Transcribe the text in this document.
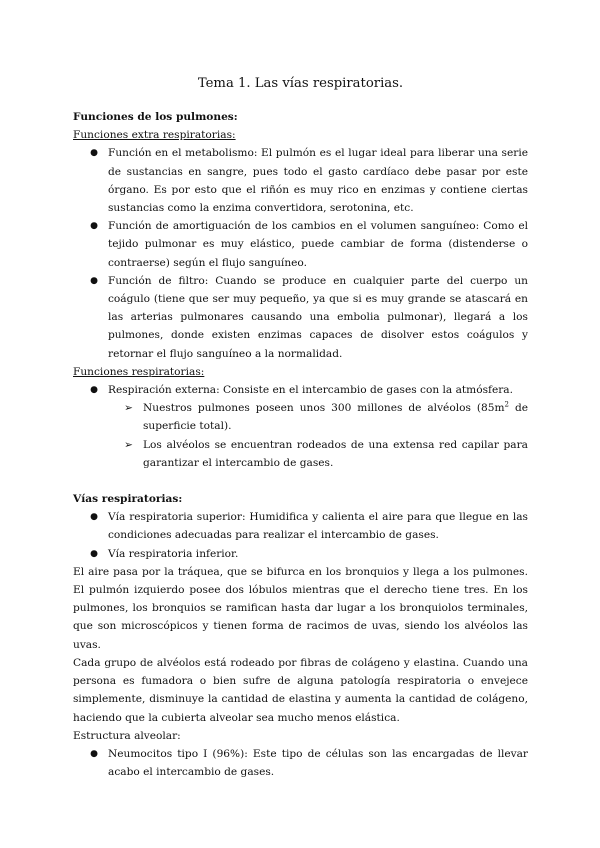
Tema 1. Las vías respiratorias.
Funciones de los pulmones:
Funciones extra respiratorias:
● Función en el metabolismo: El pulmón es el lugar ideal para liberar una serie de sustancias en sangre, pues todo el gasto cardíaco debe pasar por este órgano. Es por esto que el riñón es muy rico en enzimas y contiene ciertas sustancias como la enzima convertidora, serotonina, etc.
● Función de amortiguación de los cambios en el volumen sanguíneo: Como el tejido pulmonar es muy elástico, puede cambiar de forma (distenderse o contraerse) según el flujo sanguíneo.
● Función de filtro: Cuando se produce en cualquier parte del cuerpo un coágulo (tiene que ser muy pequeño, ya que si es muy grande se atascará en las arterias pulmonares causando una embolia pulmonar), llegará a los pulmones, donde existen enzimas capaces de disolver estos coágulos y retornar el flujo sanguíneo a la normalidad.
Funciones respiratorias:
● Respiración externa: Consiste en el intercambio de gases con la atmósfera.
➢ Nuestros pulmones poseen unos 300 millones de alvéolos ($85m^2$ de superficie total).
➢ Los alvéolos se encuentran rodeados de una extensa red capilar para garantizar el intercambio de gases.
Vías respiratorias:
● Vía respiratoria superior: Humidifica y calienta el aire para que llegue en las condiciones adecuadas para realizar el intercambio de gases.
● Vía respiratoria inferior.
El aire pasa por la tráquea, que se bifurca en los bronquios y llega a los pulmones. El pulmón izquierdo posee dos lóbulos mientras que el derecho tiene tres. En los pulmones, los bronquios se ramifican hasta dar lugar a los bronquiolos terminales, que son microscópicos y tienen forma de racimos de uvas, siendo los alvéolos las uvas.
Cada grupo de alvéolos está rodeado por fibras de colágeno y elastina. Cuando una persona es fumadora o bien sufre de alguna patología respiratoria o envejece simplemente, disminuye la cantidad de elastina y aumenta la cantidad de colágeno, haciendo que la cubierta alveolar sea mucho menos elástica.
Estructura alveolar:
● Neumocitos tipo I (96%): Este tipo de células son las encargadas de llevar acabo el intercambio de gases.
